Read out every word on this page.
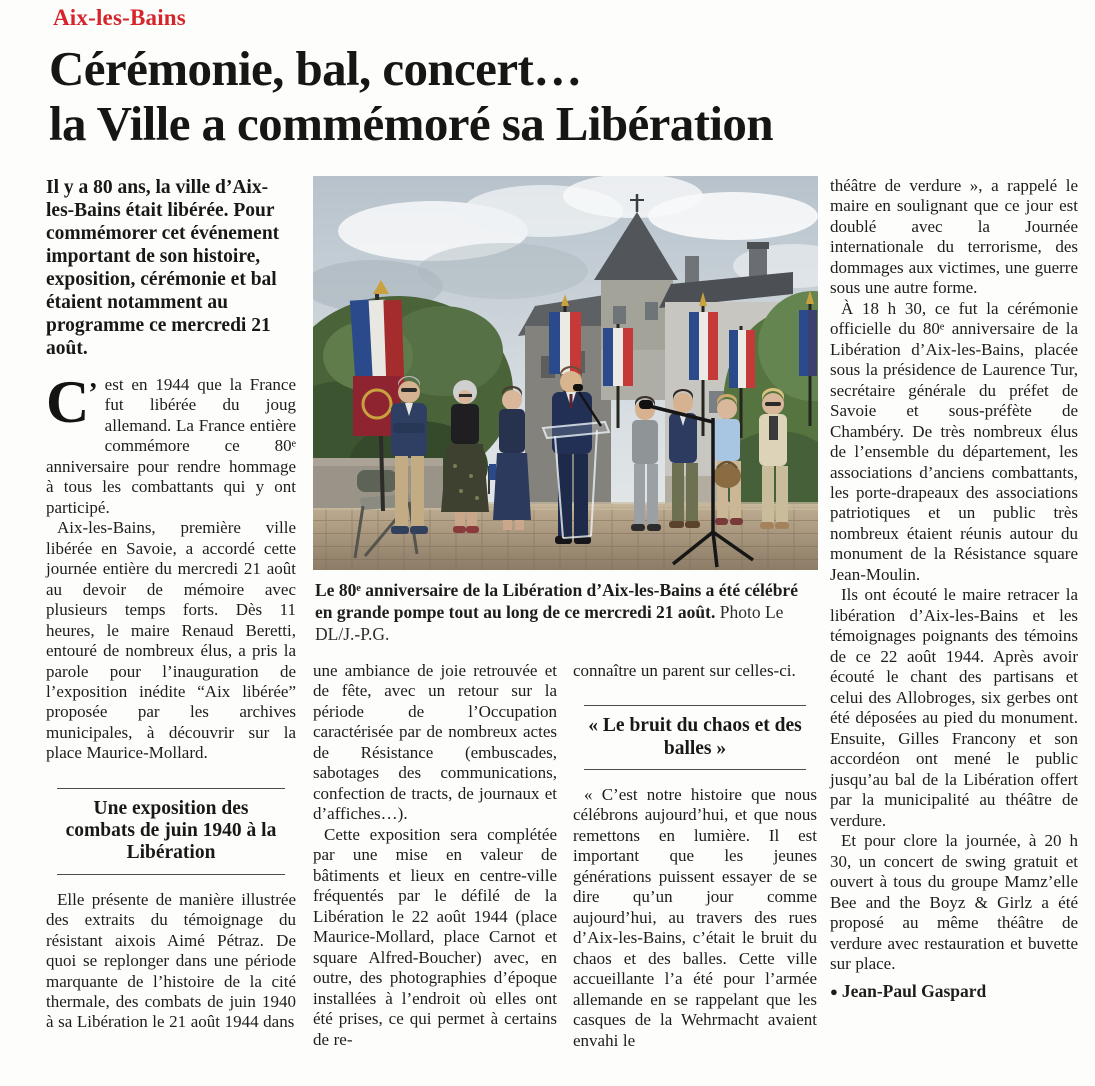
Aix-les-Bains
Cérémonie, bal, concert…
la Ville a commémoré sa Libération

Il y a 80 ans, la ville d’Aix-les-Bains était libérée. Pour commémorer cet événement important de son histoire, exposition, cérémonie et bal étaient notamment au programme ce mercredi 21 août.

C’ est en 1944 que la France fut libérée du joug allemand. La France entière commémore ce 80ᵉ anniversaire pour rendre hommage à tous les combattants qui y ont participé.

Aix-les-Bains, première ville libérée en Savoie, a accordé cette journée entière du mercredi 21 août au devoir de mémoire avec plusieurs temps forts. Dès 11 heures, le maire Renaud Beretti, entouré de nombreux élus, a pris la parole pour l’inauguration de l’exposition inédite “Aix libérée” proposée par les archives municipales, à découvrir sur la place Maurice-Mollard.

Une exposition des combats de juin 1940 à la Libération

Elle présente de manière illustrée des extraits du témoignage du résistant aixois Aimé Pétraz. De quoi se replonger dans une période marquante de l’histoire de la cité thermale, des combats de juin 1940 à sa Libération le 21 août 1944 dans

Le 80ᵉ anniversaire de la Libération d’Aix-les-Bains a été célébré en grande pompe tout au long de ce mercredi 21 août. Photo Le DL/J.-P.G.

une ambiance de joie retrouvée et de fête, avec un retour sur la période de l’Occupation caractérisée par de nombreux actes de Résistance (embuscades, sabotages des communications, confection de tracts, de journaux et d’affiches…).

Cette exposition sera complétée par une mise en valeur de bâtiments et lieux en centre-ville fréquentés par le défilé de la Libération le 22 août 1944 (place Maurice-Mollard, place Carnot et square Alfred-Boucher) avec, en outre, des photographies d’époque installées à l’endroit où elles ont été prises, ce qui permet à certains de re-

connaître un parent sur celles-ci.

« Le bruit du chaos et des balles »

« C’est notre histoire que nous célébrons aujourd’hui, et que nous remettons en lumière. Il est important que les jeunes générations puissent essayer de se dire qu’un jour comme aujourd’hui, au travers des rues d’Aix-les-Bains, c’était le bruit du chaos et des balles. Cette ville accueillante l’a été pour l’armée allemande en se rappelant que les casques de la Wehrmacht avaient envahi le

théâtre de verdure », a rappelé le maire en soulignant que ce jour est doublé avec la Journée internationale du terrorisme, des dommages aux victimes, une guerre sous une autre forme.

À 18 h 30, ce fut la cérémonie officielle du 80ᵉ anniversaire de la Libération d’Aix-les-Bains, placée sous la présidence de Laurence Tur, secrétaire générale du préfet de Savoie et sous-préfète de Chambéry. De très nombreux élus de l’ensemble du département, les associations d’anciens combattants, les porte-drapeaux des associations patriotiques et un public très nombreux étaient réunis autour du monument de la Résistance square Jean-Moulin.

Ils ont écouté le maire retracer la libération d’Aix-les-Bains et les témoignages poignants des témoins de ce 22 août 1944. Après avoir écouté le chant des partisans et celui des Allobroges, six gerbes ont été déposées au pied du monument. Ensuite, Gilles Francony et son accordéon ont mené le public jusqu’au bal de la Libération offert par la municipalité au théâtre de verdure.

Et pour clore la journée, à 20 h 30, un concert de swing gratuit et ouvert à tous du groupe Mamz’elle Bee and the Boyz & Girlz a été proposé au même théâtre de verdure avec restauration et buvette sur place.

● Jean-Paul Gaspard
